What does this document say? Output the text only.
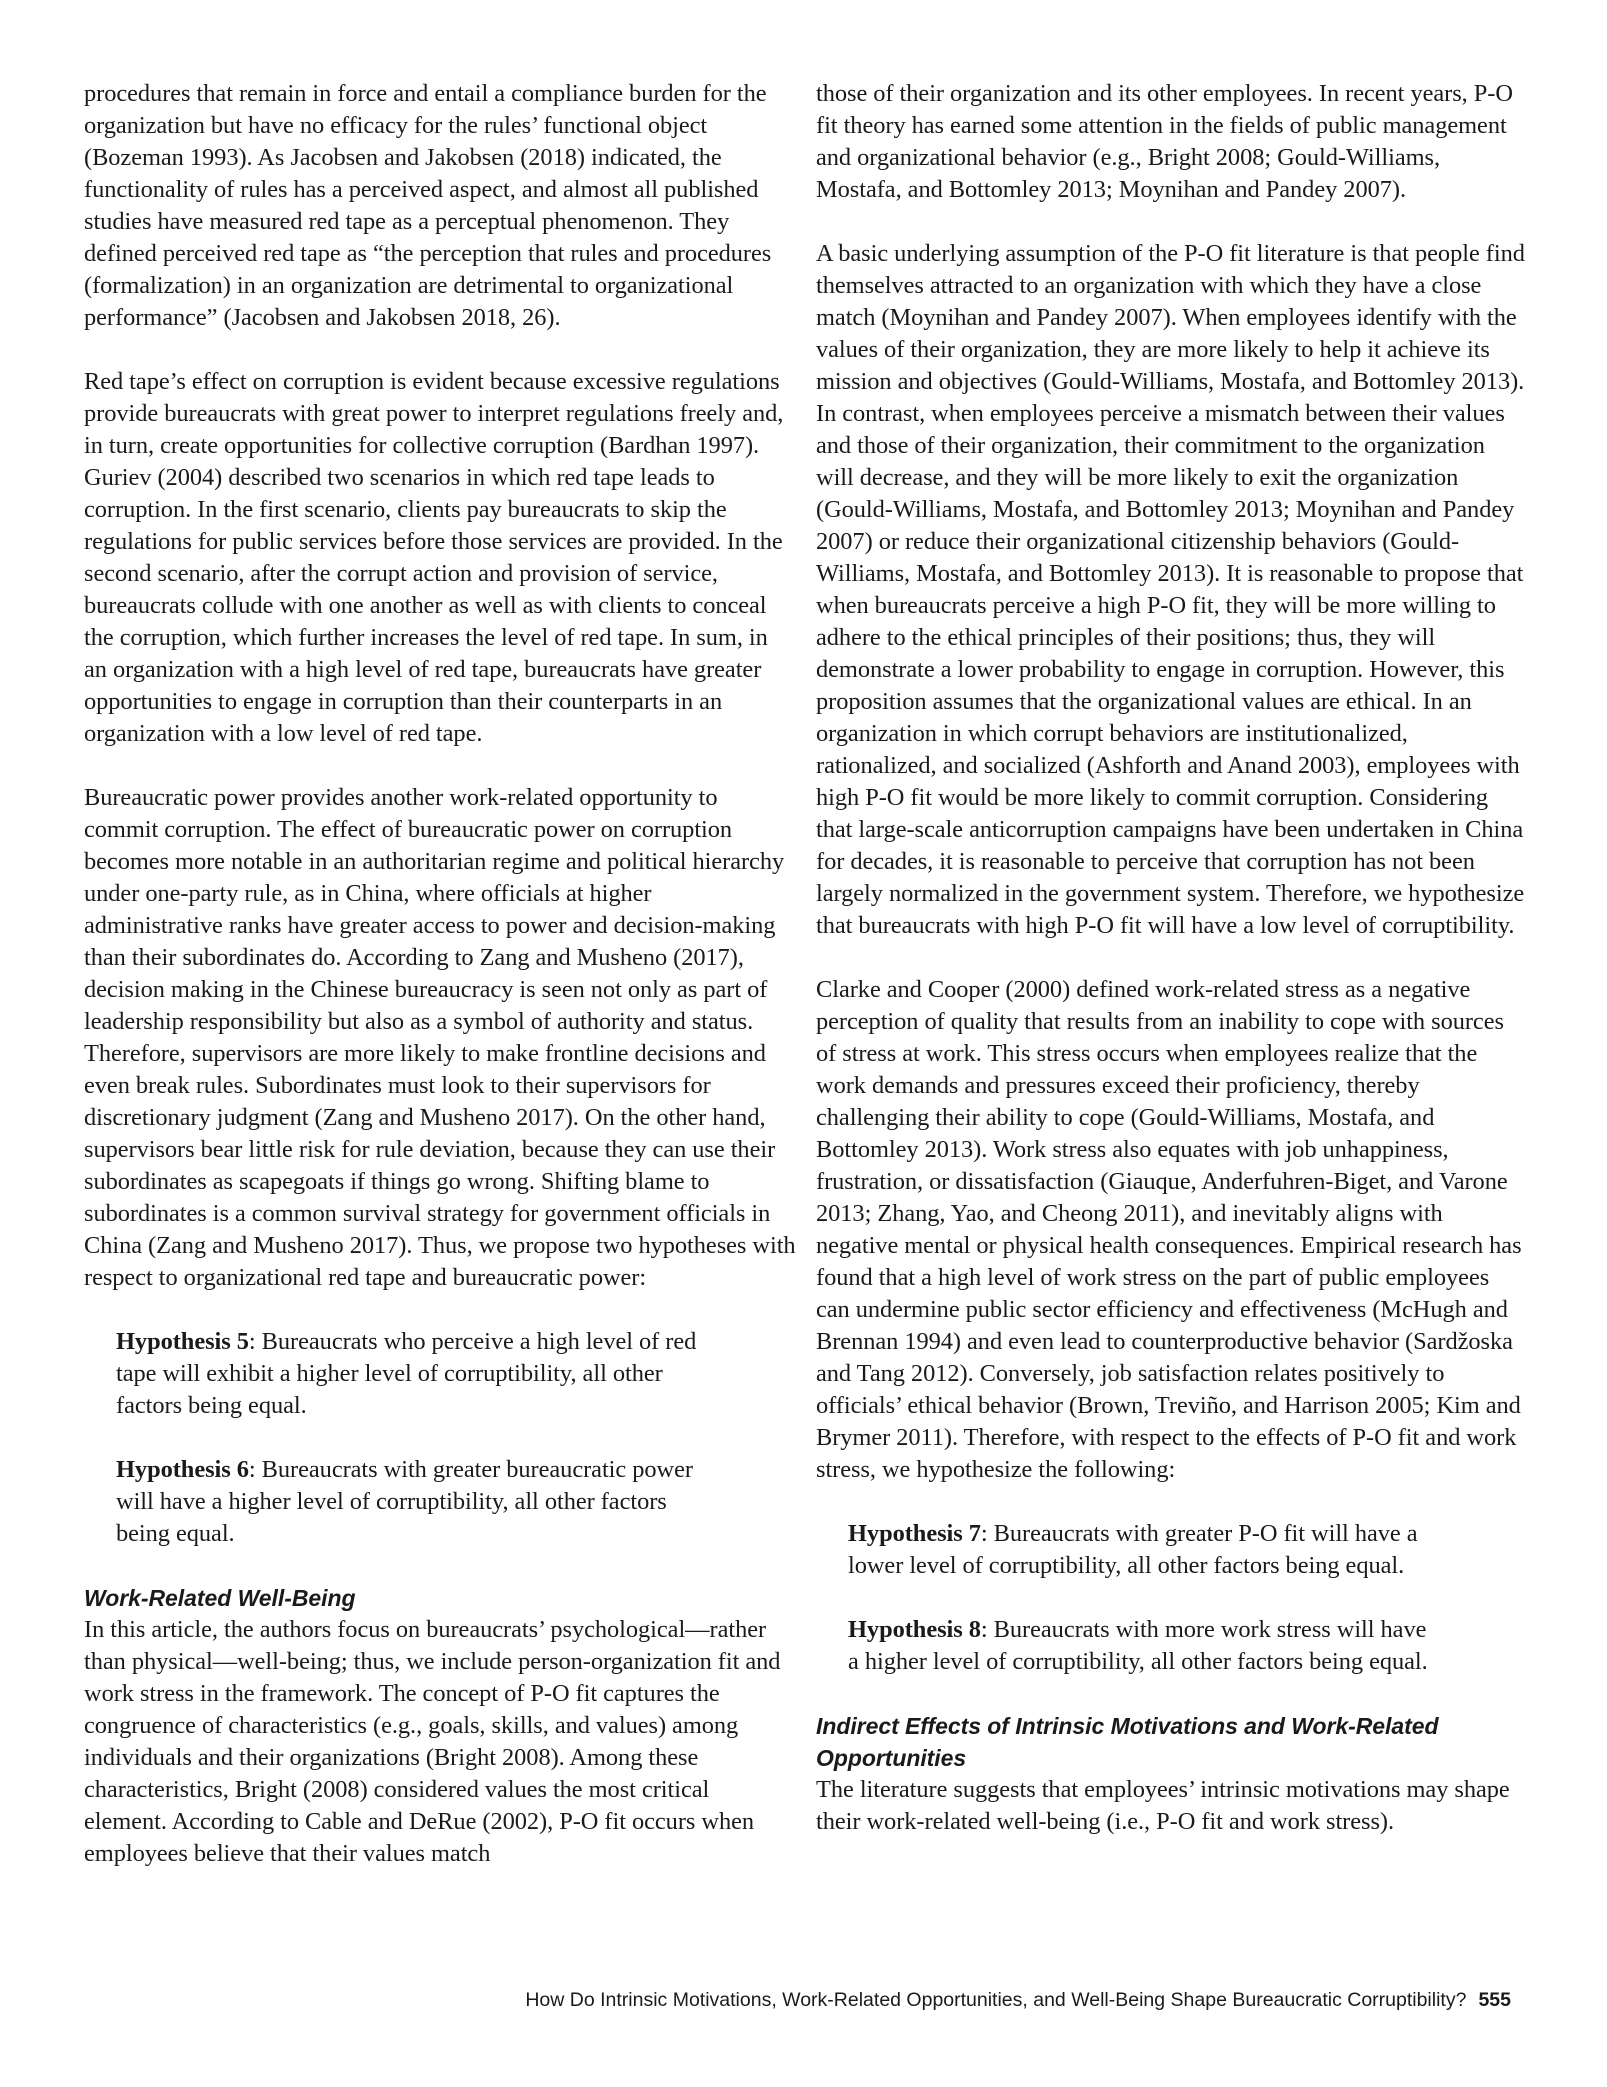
procedures that remain in force and entail a compliance burden for the organization but have no efficacy for the rules’ functional object (Bozeman 1993). As Jacobsen and Jakobsen (2018) indicated, the functionality of rules has a perceived aspect, and almost all published studies have measured red tape as a perceptual phenomenon. They defined perceived red tape as “the perception that rules and procedures (formalization) in an organization are detrimental to organizational performance” (Jacobsen and Jakobsen 2018, 26).

Red tape’s effect on corruption is evident because excessive regulations provide bureaucrats with great power to interpret regulations freely and, in turn, create opportunities for collective corruption (Bardhan 1997). Guriev (2004) described two scenarios in which red tape leads to corruption. In the first scenario, clients pay bureaucrats to skip the regulations for public services before those services are provided. In the second scenario, after the corrupt action and provision of service, bureaucrats collude with one another as well as with clients to conceal the corruption, which further increases the level of red tape. In sum, in an organization with a high level of red tape, bureaucrats have greater opportunities to engage in corruption than their counterparts in an organization with a low level of red tape.

Bureaucratic power provides another work-related opportunity to commit corruption. The effect of bureaucratic power on corruption becomes more notable in an authoritarian regime and political hierarchy under one-party rule, as in China, where officials at higher administrative ranks have greater access to power and decision-making than their subordinates do. According to Zang and Musheno (2017), decision making in the Chinese bureaucracy is seen not only as part of leadership responsibility but also as a symbol of authority and status. Therefore, supervisors are more likely to make frontline decisions and even break rules. Subordinates must look to their supervisors for discretionary judgment (Zang and Musheno 2017). On the other hand, supervisors bear little risk for rule deviation, because they can use their subordinates as scapegoats if things go wrong. Shifting blame to subordinates is a common survival strategy for government officials in China (Zang and Musheno 2017). Thus, we propose two hypotheses with respect to organizational red tape and bureaucratic power:

Hypothesis 5: Bureaucrats who perceive a high level of red tape will exhibit a higher level of corruptibility, all other factors being equal.

Hypothesis 6: Bureaucrats with greater bureaucratic power will have a higher level of corruptibility, all other factors being equal.

Work-Related Well-Being

In this article, the authors focus on bureaucrats’ psychological—rather than physical—well-being; thus, we include person-organization fit and work stress in the framework. The concept of P-O fit captures the congruence of characteristics (e.g., goals, skills, and values) among individuals and their organizations (Bright 2008). Among these characteristics, Bright (2008) considered values the most critical element. According to Cable and DeRue (2002), P-O fit occurs when employees believe that their values match

those of their organization and its other employees. In recent years, P-O fit theory has earned some attention in the fields of public management and organizational behavior (e.g., Bright 2008; Gould-Williams, Mostafa, and Bottomley 2013; Moynihan and Pandey 2007).

A basic underlying assumption of the P-O fit literature is that people find themselves attracted to an organization with which they have a close match (Moynihan and Pandey 2007). When employees identify with the values of their organization, they are more likely to help it achieve its mission and objectives (Gould-Williams, Mostafa, and Bottomley 2013). In contrast, when employees perceive a mismatch between their values and those of their organization, their commitment to the organization will decrease, and they will be more likely to exit the organization (Gould-Williams, Mostafa, and Bottomley 2013; Moynihan and Pandey 2007) or reduce their organizational citizenship behaviors (Gould-Williams, Mostafa, and Bottomley 2013). It is reasonable to propose that when bureaucrats perceive a high P-O fit, they will be more willing to adhere to the ethical principles of their positions; thus, they will demonstrate a lower probability to engage in corruption. However, this proposition assumes that the organizational values are ethical. In an organization in which corrupt behaviors are institutionalized, rationalized, and socialized (Ashforth and Anand 2003), employees with high P-O fit would be more likely to commit corruption. Considering that large-scale anticorruption campaigns have been undertaken in China for decades, it is reasonable to perceive that corruption has not been largely normalized in the government system. Therefore, we hypothesize that bureaucrats with high P-O fit will have a low level of corruptibility.

Clarke and Cooper (2000) defined work-related stress as a negative perception of quality that results from an inability to cope with sources of stress at work. This stress occurs when employees realize that the work demands and pressures exceed their proficiency, thereby challenging their ability to cope (Gould-Williams, Mostafa, and Bottomley 2013). Work stress also equates with job unhappiness, frustration, or dissatisfaction (Giauque, Anderfuhren-Biget, and Varone 2013; Zhang, Yao, and Cheong 2011), and inevitably aligns with negative mental or physical health consequences. Empirical research has found that a high level of work stress on the part of public employees can undermine public sector efficiency and effectiveness (McHugh and Brennan 1994) and even lead to counterproductive behavior (Sardžoska and Tang 2012). Conversely, job satisfaction relates positively to officials’ ethical behavior (Brown, Treviño, and Harrison 2005; Kim and Brymer 2011). Therefore, with respect to the effects of P-O fit and work stress, we hypothesize the following:

Hypothesis 7: Bureaucrats with greater P-O fit will have a lower level of corruptibility, all other factors being equal.

Hypothesis 8: Bureaucrats with more work stress will have a higher level of corruptibility, all other factors being equal.

Indirect Effects of Intrinsic Motivations and Work-Related Opportunities

The literature suggests that employees’ intrinsic motivations may shape their work-related well-being (i.e., P-O fit and work stress).

How Do Intrinsic Motivations, Work-Related Opportunities, and Well-Being Shape Bureaucratic Corruptibility? 555
